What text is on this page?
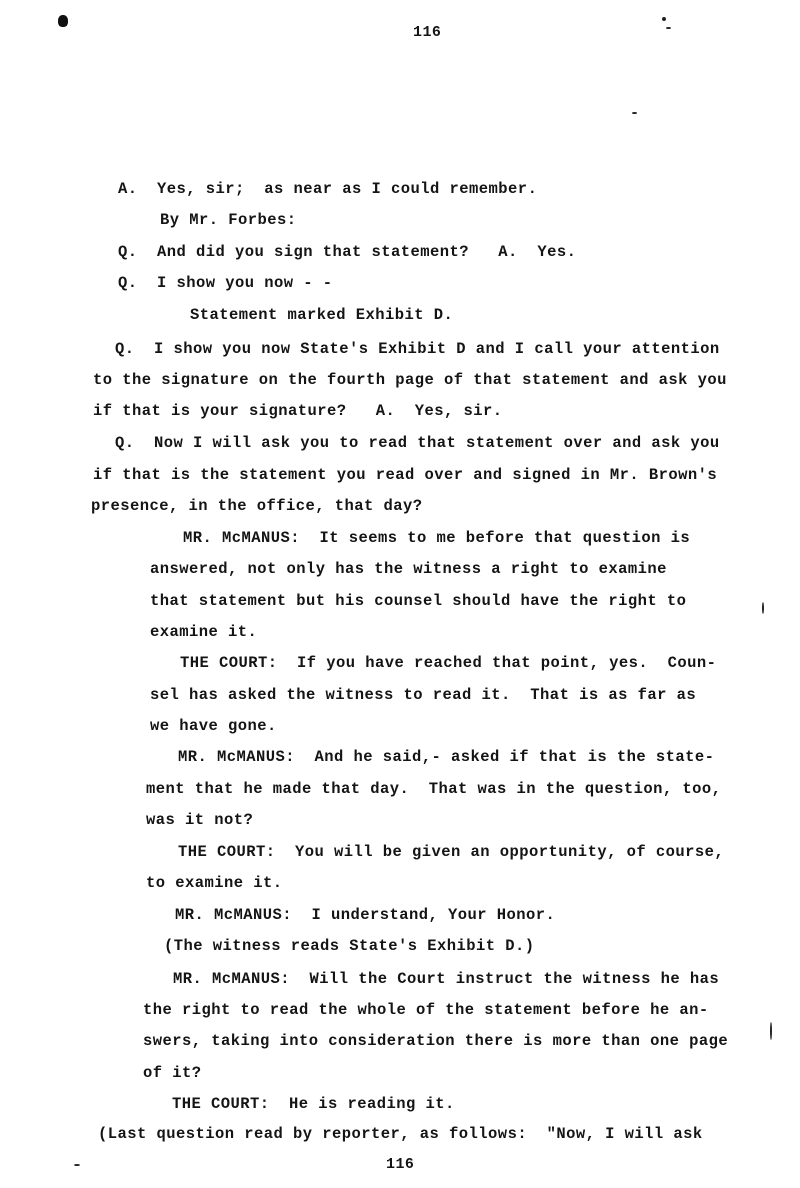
116
A.  Yes, sir;  as near as I could remember.
By Mr. Forbes:
Q.  And did you sign that statement?   A.  Yes.
Q.  I show you now - -
Statement marked Exhibit D.
Q.  I show you now State's Exhibit D and I call your attention
to the signature on the fourth page of that statement and ask you
if that is your signature?   A.  Yes, sir.
Q.  Now I will ask you to read that statement over and ask you
if that is the statement you read over and signed in Mr. Brown's
presence, in the office, that day?
MR. McMANUS:  It seems to me before that question is
answered, not only has the witness a right to examine
that statement but his counsel should have the right to
examine it.
THE COURT:  If you have reached that point, yes.  Coun-
sel has asked the witness to read it.  That is as far as
we have gone.
MR. McMANUS:  And he said,- asked if that is the state-
ment that he made that day.  That was in the question, too,
was it not?
THE COURT:  You will be given an opportunity, of course,
to examine it.
MR. McMANUS:  I understand, Your Honor.
(The witness reads State's Exhibit D.)
MR. McMANUS:  Will the Court instruct the witness he has
the right to read the whole of the statement before he an-
swers, taking into consideration there is more than one page
of it?
THE COURT:  He is reading it.
(Last question read by reporter, as follows:  "Now, I will ask
116
